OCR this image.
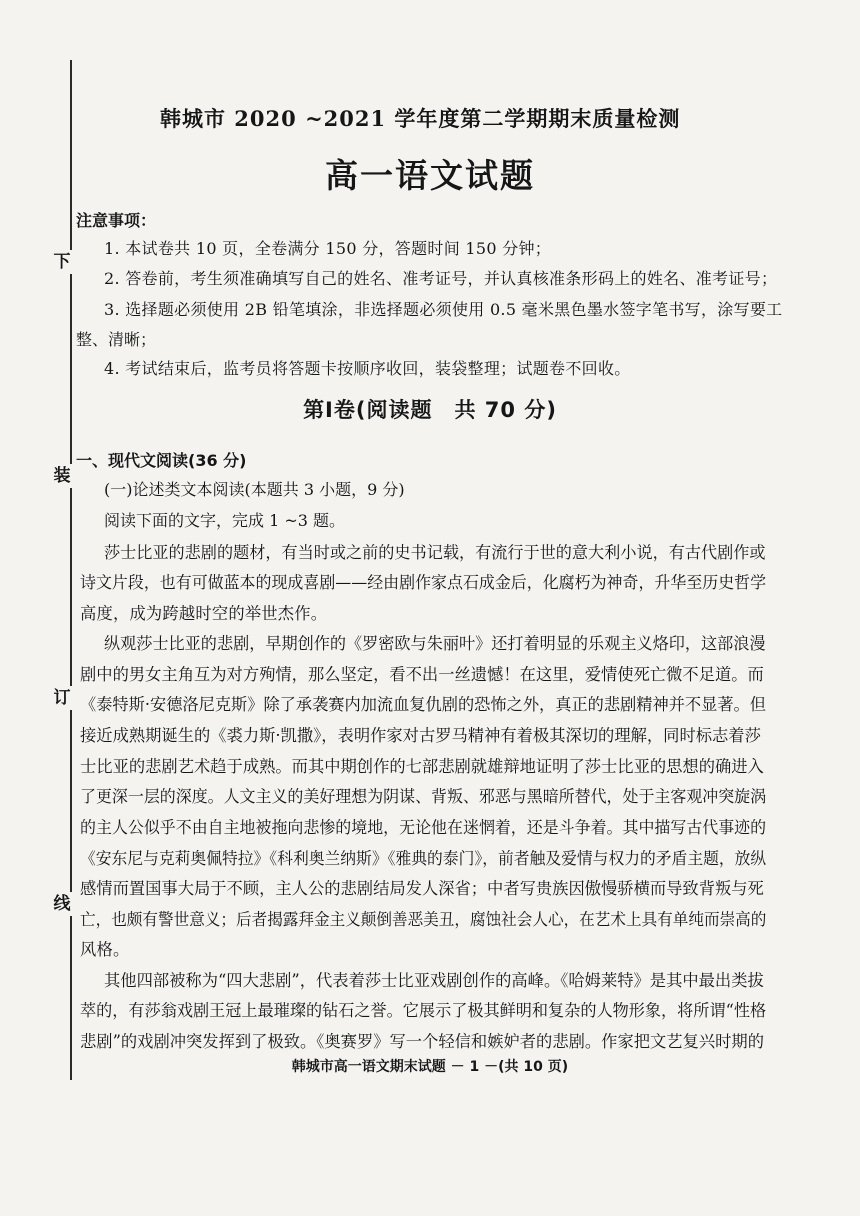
下
装
订
线
韩城市 2020 ~2021 学年度第二学期期末质量检测
高一语文试题
注意事项：
1. 本试卷共 10 页，全卷满分 150 分，答题时间 150 分钟；
2. 答卷前，考生须准确填写自己的姓名、准考证号，并认真核准条形码上的姓名、准考证号；
3. 选择题必须使用 2B 铅笔填涂，非选择题必须使用 0.5 毫米黑色墨水签字笔书写，涂写要工
整、清晰；
4. 考试结束后，监考员将答题卡按顺序收回，装袋整理；试题卷不回收。
第Ⅰ卷(阅读题　共 70 分)
一、现代文阅读(36 分)
(一)论述类文本阅读(本题共 3 小题，9 分)
阅读下面的文字，完成 1 ~3 题。
莎士比亚的悲剧的题材，有当时或之前的史书记载，有流行于世的意大利小说，有古代剧作或
诗文片段，也有可做蓝本的现成喜剧——经由剧作家点石成金后，化腐朽为神奇，升华至历史哲学
高度，成为跨越时空的举世杰作。
纵观莎士比亚的悲剧，早期创作的《罗密欧与朱丽叶》还打着明显的乐观主义烙印，这部浪漫
剧中的男女主角互为对方殉情，那么坚定，看不出一丝遗憾！在这里，爱情使死亡微不足道。而
《泰特斯·安德洛尼克斯》除了承袭赛内加流血复仇剧的恐怖之外，真正的悲剧精神并不显著。但
接近成熟期诞生的《裘力斯·凯撒》，表明作家对古罗马精神有着极其深切的理解，同时标志着莎
士比亚的悲剧艺术趋于成熟。而其中期创作的七部悲剧就雄辩地证明了莎士比亚的思想的确进入
了更深一层的深度。人文主义的美好理想为阴谋、背叛、邪恶与黑暗所替代，处于主客观冲突旋涡
的主人公似乎不由自主地被拖向悲惨的境地，无论他在迷惘着，还是斗争着。其中描写古代事迹的
《安东尼与克莉奥佩特拉》《科利奥兰纳斯》《雅典的泰门》，前者触及爱情与权力的矛盾主题，放纵
感情而置国事大局于不顾，主人公的悲剧结局发人深省；中者写贵族因傲慢骄横而导致背叛与死
亡，也颇有警世意义；后者揭露拜金主义颠倒善恶美丑，腐蚀社会人心，在艺术上具有单纯而崇高的
风格。
其他四部被称为“四大悲剧”，代表着莎士比亚戏剧创作的高峰。《哈姆莱特》是其中最出类拔
萃的，有莎翁戏剧王冠上最璀璨的钻石之誉。它展示了极其鲜明和复杂的人物形象，将所谓“性格
悲剧”的戏剧冲突发挥到了极致。《奥赛罗》写一个轻信和嫉妒者的悲剧。作家把文艺复兴时期的
韩城市高一语文期末试题 － 1 －(共 10 页)
